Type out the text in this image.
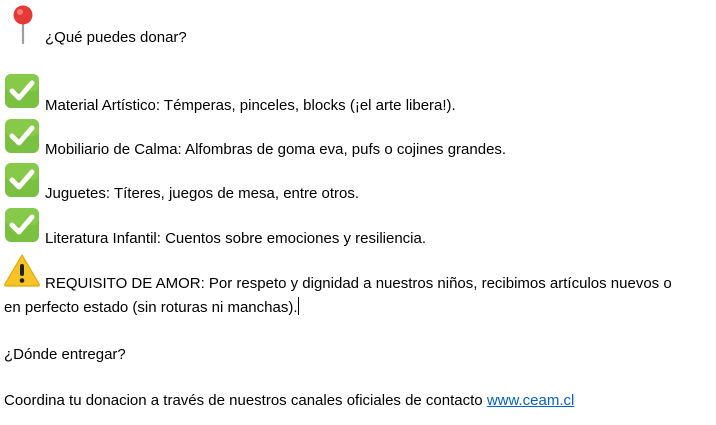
¿Qué puedes donar?
Material Artístico: Témperas, pinceles, blocks (¡el arte libera!).
Mobiliario de Calma: Alfombras de goma eva, pufs o cojines grandes.
Juguetes: Títeres, juegos de mesa, entre otros.
Literatura Infantil: Cuentos sobre emociones y resiliencia.
REQUISITO DE AMOR: Por respeto y dignidad a nuestros niños, recibimos artículos nuevos o
en perfecto estado (sin roturas ni manchas).
¿Dónde entregar?
Coordina tu donacion a través de nuestros canales oficiales de contacto www.ceam.cl
